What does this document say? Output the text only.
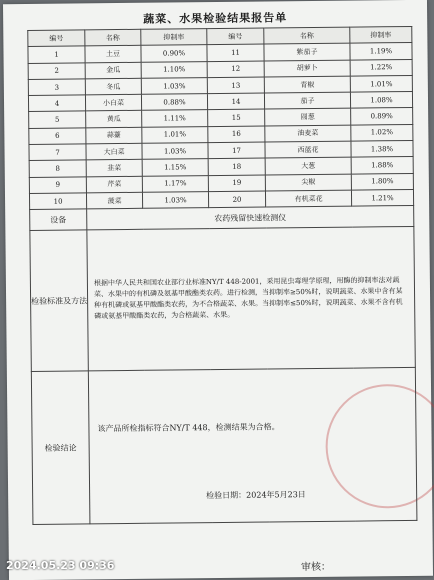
蔬菜、水果检验结果报告单
编号	名称	抑制率	编号	名称	抑制率
1	土豆	0.90%	11	紫茄子	1.19%
2	金瓜	1.10%	12	胡萝卜	1.22%
3	冬瓜	1.03%	13	青椒	1.01%
4	小白菜	0.88%	14	茄子	1.08%
5	黄瓜	1.11%	15	圆葱	0.89%
6	蒜薹	1.01%	16	油麦菜	1.02%
7	大白菜	1.03%	17	西蓝花	1.38%
8	韭菜	1.15%	18	大葱	1.88%
9	芹菜	1.17%	19	尖椒	1.80%
10	菠菜	1.03%	20	有机菜花	1.21%
设备	农药残留快速检测仪				
检验标准及方法	根据中华人民共和国农业部行业标准NY/T 448-2001，采用昆虫毒理学原理，用酶的抑制率法对蔬菜、水果中的有机磷及氨基甲酸酯类农药。进行检测，当抑制率≥50%时，说明蔬菜、水果中含有某种有机磷或氨基甲酸酯类农药，为不合格蔬菜、水果。当抑制率≤50%时，说明蔬菜、水果不含有机磷或氨基甲酸酯类农药，为合格蔬菜、水果。				

检验结论	该产品所检指标符合NY/T 448，检测结果为合格。
检验日期：2024年5月23日				
审核：
2024.05.23 09:36
